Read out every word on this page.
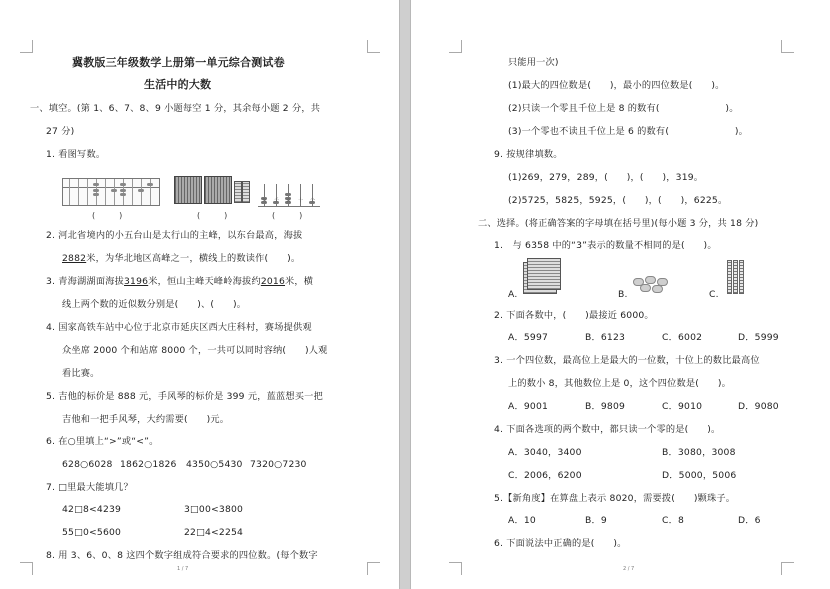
冀教版三年级数学上册第一单元综合测试卷
生活中的大数
一、填空。(第 1、6、7、8、9 小题每空 1 分，其余每小题 2 分，共
27 分)
1. 看图写数。
万 千 百 十 个
(　　　)	(　　　)	(　　　)
2. 河北省境内的小五台山是太行山的主峰，以东台最高，海拔
2882米，为华北地区高峰之一，横线上的数读作(　　)。
3. 青海湖湖面海拔3196米，恒山主峰天峰岭海拔约2016米，横
线上两个数的近似数分别是(　　)、(　　)。
4. 国家高铁车站中心位于北京市延庆区西大庄科村，赛场提供观
众坐席 2000 个和站席 8000 个，一共可以同时容纳(　　)人观
看比赛。
5. 吉他的标价是 888 元，手风琴的标价是 399 元，蓝蓝想买一把
吉他和一把手风琴，大约需要(　　)元。
6. 在○里填上“>”或“<”。
628○6028 1862○1826 4350○5430 7320○7230
7. □里最大能填几？
42□8<4239	3□00<3800
55□0<5600	22□4<2254
8. 用 3、6、0、8 这四个数字组成符合要求的四位数。(每个数字
1 / 7
只能用一次)
(1)最大的四位数是(　　)，最小的四位数是(　　)。
(2)只读一个零且千位上是 8 的数有(　　　　　　　)。
(3)一个零也不读且千位上是 6 的数有(　　　　　　　)。
9. 按规律填数。
(1)269，279，289，(　　)，(　　)，319。
(2)5725，5825，5925，(　　)，(　　)，6225。
二、选择。(将正确答案的字母填在括号里)(每小题 3 分，共 18 分)
1.　与 6358 中的“3”表示的数量不相同的是(　　)。
A.	B.	C.
2. 下面各数中，(　　)最接近 6000。
A．5997	B．6123	C．6002	D．5999
3. 一个四位数，最高位上是最大的一位数，十位上的数比最高位
上的数小 8，其他数位上是 0，这个四位数是(　　)。
A．9001	B．9809	C．9010	D．9080
4. 下面各选项的两个数中，都只读一个零的是(　　)。
A．3040，3400	B．3080，3008
C．2006，6200	D．5000，5006
5.【新角度】在算盘上表示 8020，需要拨(　　)颗珠子。
A．10	B．9	C．8	D．6
6. 下面说法中正确的是(　　)。
2 / 7
